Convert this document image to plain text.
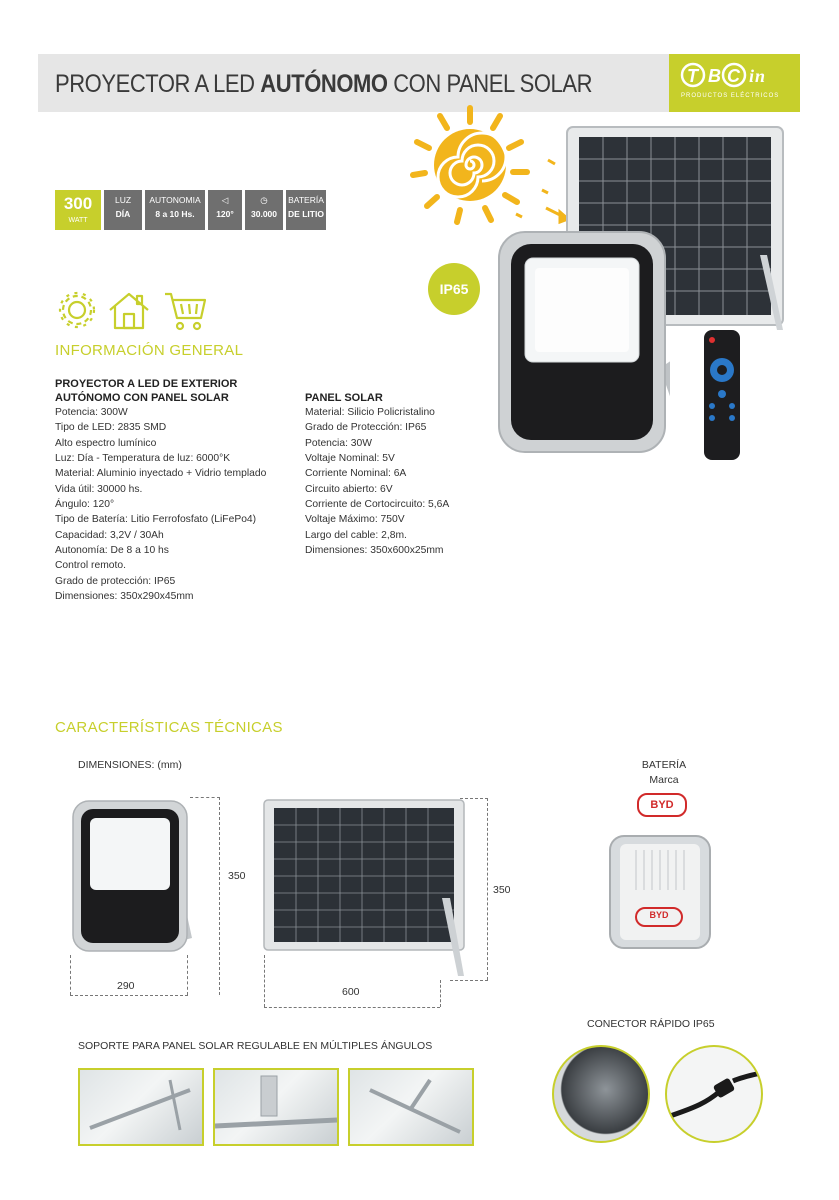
PROYECTOR A LED AUTÓNOMO CON PANEL SOLAR	T B C in
PRODUCTOS ELÉCTRICOS
IP65
300
WATT
LUZ
DÍA
AUTONOMIA
8 a 10 Hs.
◁
120°
◷
30.000
BATERÍA
DE LITIO
INFORMACIÓN GENERAL
PROYECTOR A LED DE EXTERIOR
AUTÓNOMO CON PANEL SOLAR
Potencia: 300W
Tipo de LED: 2835 SMD
Alto espectro lumínico
Luz: Día - Temperatura de luz: 6000°K
Material: Aluminio inyectado + Vidrio templado
Vida útil: 30000 hs.
Ángulo: 120°
Tipo de Batería: Litio Ferrofosfato (LiFePo4)
Capacidad: 3,2V / 30Ah
Autonomía: De 8 a 10 hs
Control remoto.
Grado de protección: IP65
Dimensiones: 350x290x45mm
PANEL SOLAR
Material: Silicio Policristalino
Grado de Protección: IP65
Potencia: 30W
Voltaje Nominal: 5V
Corriente Nominal: 6A
Circuito abierto: 6V
Corriente de Cortocircuito: 5,6A
Voltaje Máximo: 750V
Largo del cable: 2,8m.
Dimensiones: 350x600x25mm
CARACTERÍSTICAS TÉCNICAS
DIMENSIONES: (mm)
350
290
350
600
BATERÍA
Marca
BYD
BYD
CONECTOR RÁPIDO IP65
SOPORTE PARA PANEL SOLAR REGULABLE EN MÚLTIPLES ÁNGULOS
